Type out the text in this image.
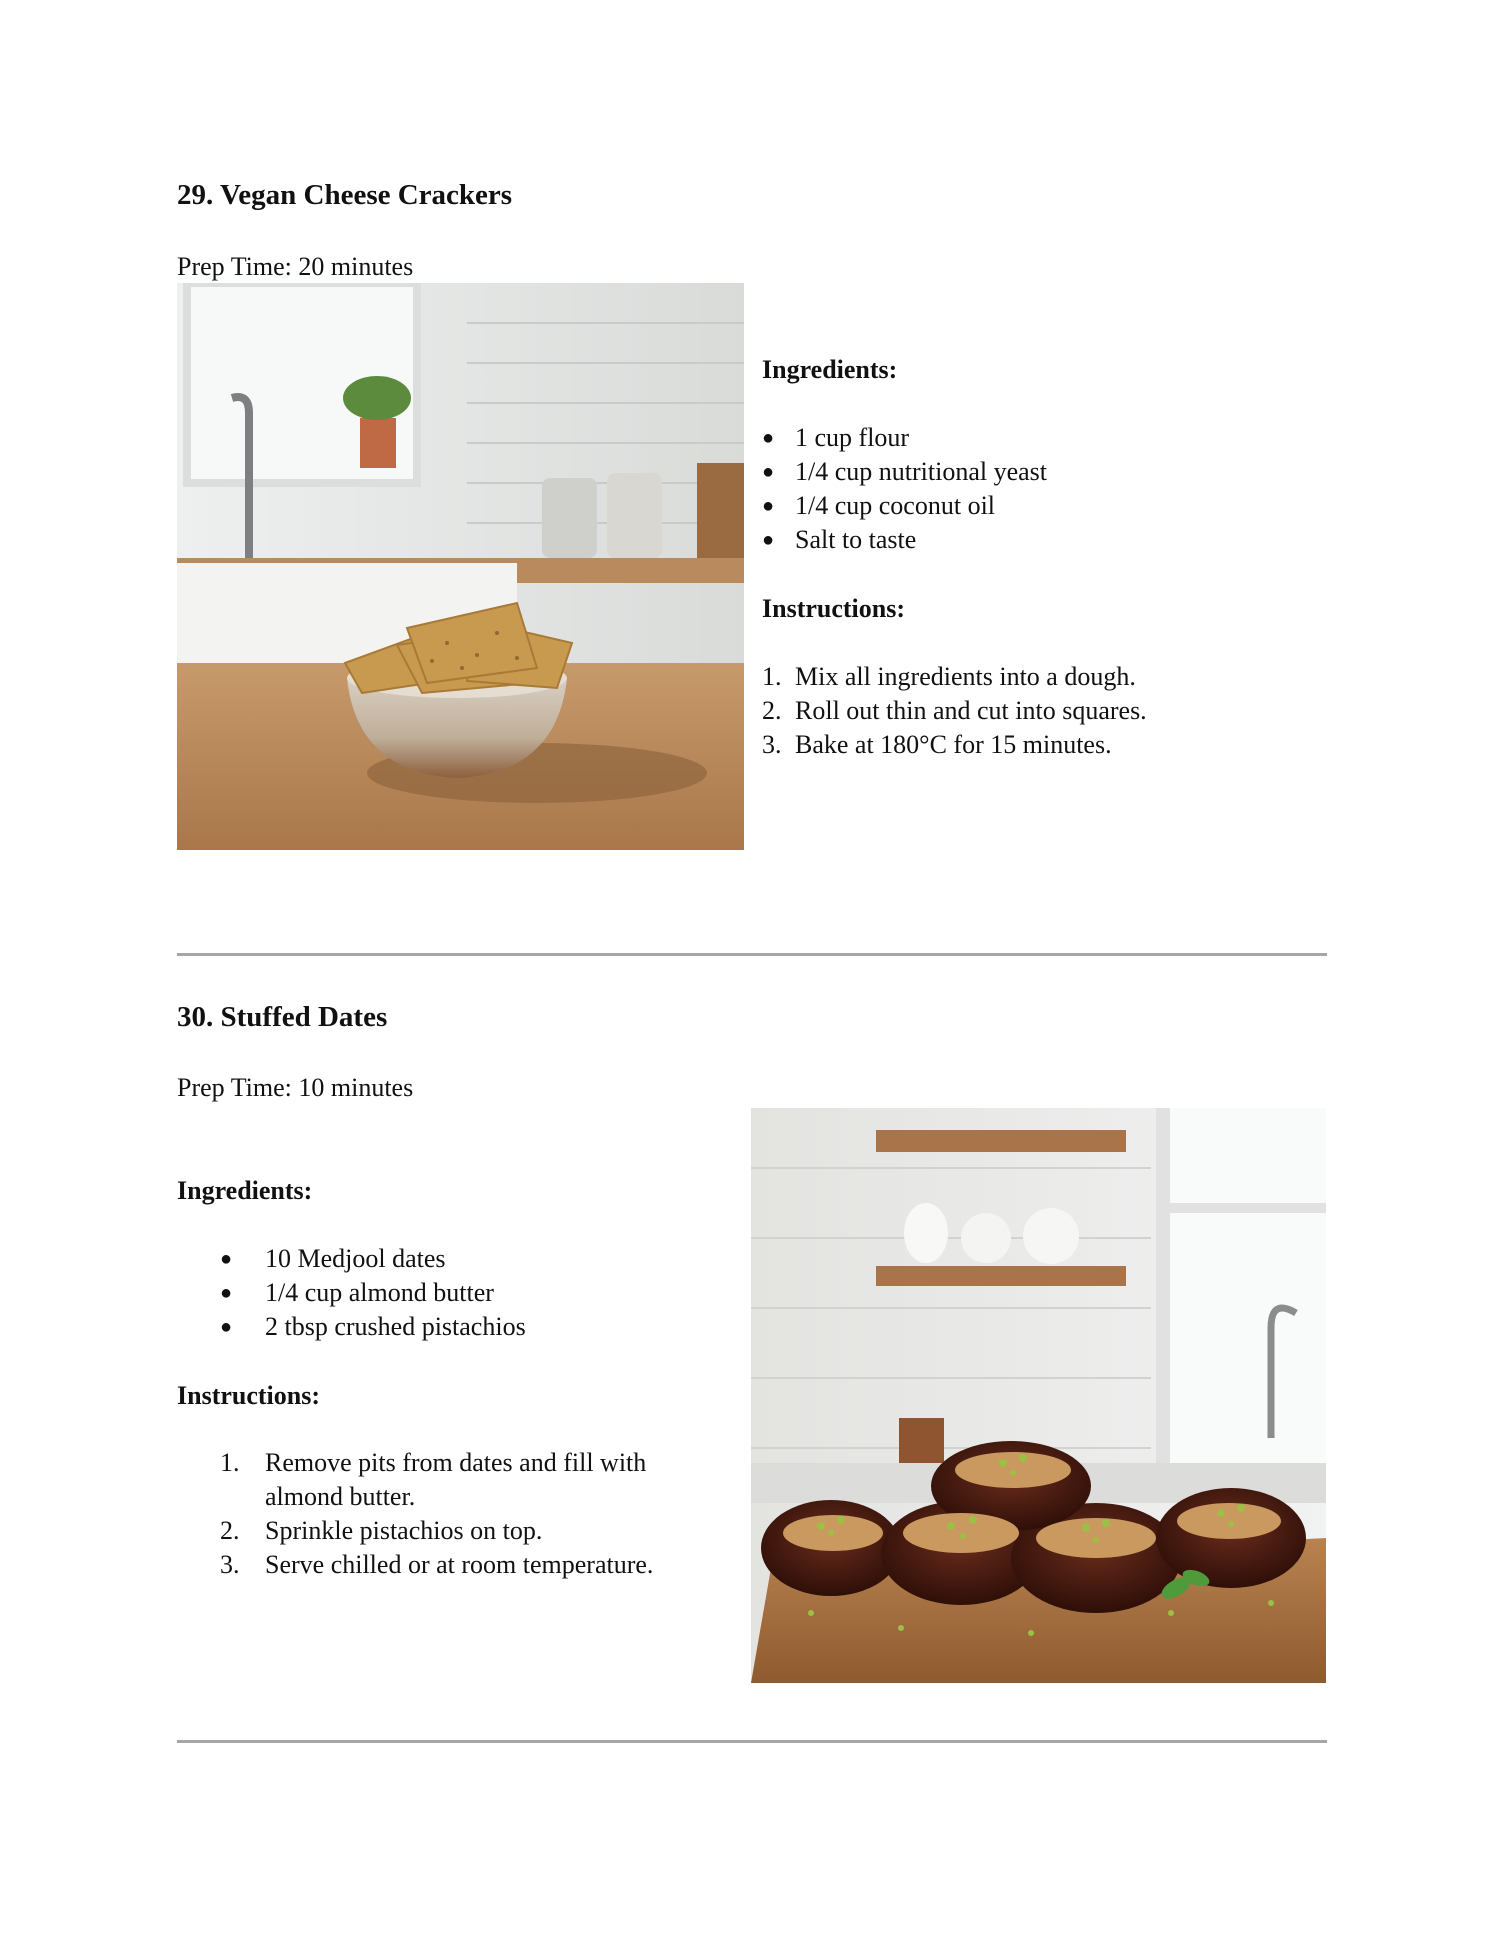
29. Vegan Cheese Crackers
Prep Time: 20 minutes
Ingredients:
● 1 cup flour
● 1/4 cup nutritional yeast
● 1/4 cup coconut oil
● Salt to taste
Instructions:
1. Mix all ingredients into a dough.
2. Roll out thin and cut into squares.
3. Bake at 180°C for 15 minutes.
30. Stuffed Dates
Prep Time: 10 minutes
Ingredients:
● 10 Medjool dates
● 1/4 cup almond butter
● 2 tbsp crushed pistachios
Instructions:
1. Remove pits from dates and fill with almond butter.
2. Sprinkle pistachios on top.
3. Serve chilled or at room temperature.
